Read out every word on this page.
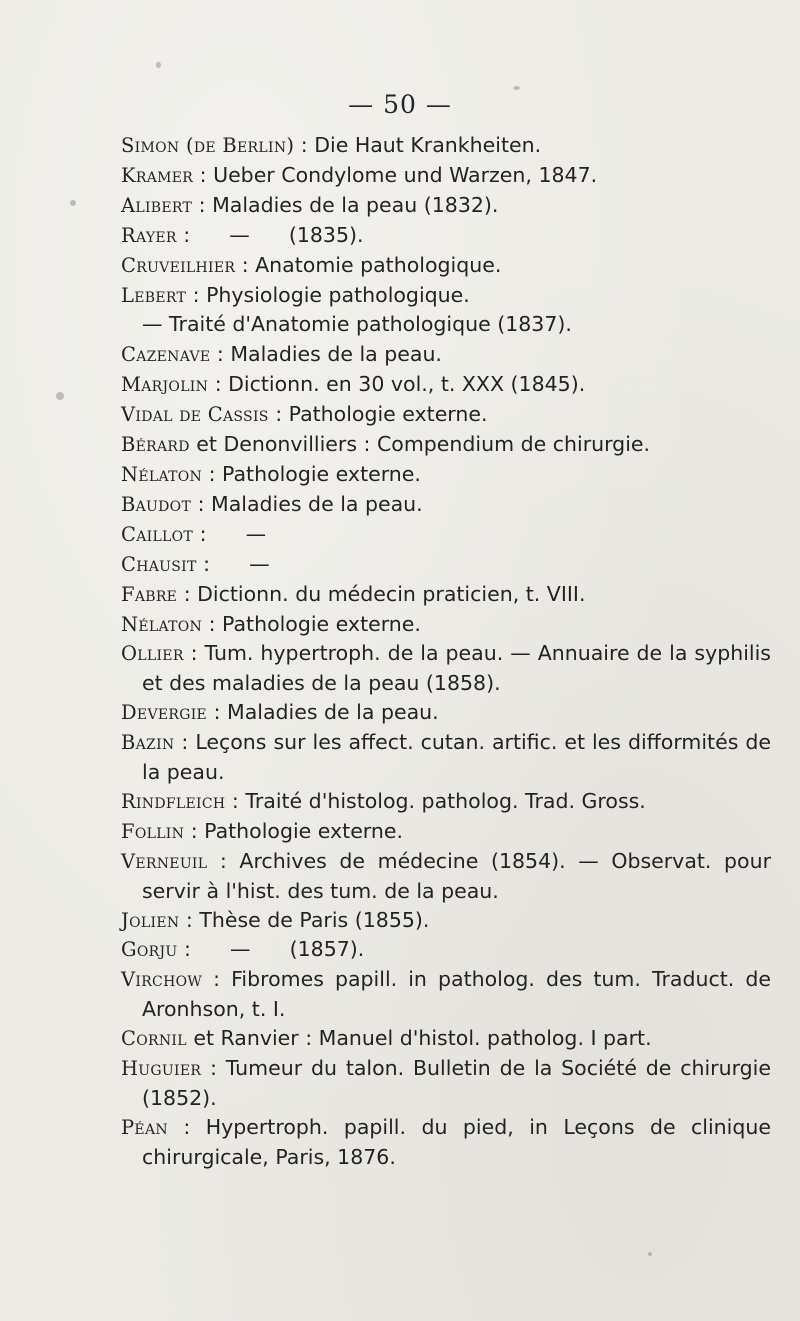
— 50 —
Simon (de Berlin) : Die Haut Krankheiten.
Kramer : Ueber Condylome und Warzen, 1847.
Alibert : Maladies de la peau (1832).
Rayer :      —      (1835).
Cruveilhier : Anatomie pathologique.
Lebert : Physiologie pathologique.
— Traité d'Anatomie pathologique (1837).
Cazenave : Maladies de la peau.
Marjolin : Dictionn. en 30 vol., t. XXX (1845).
Vidal de Cassis : Pathologie externe.
Bérard et Denonvilliers : Compendium de chirurgie.
Nélaton : Pathologie externe.
Baudot : Maladies de la peau.
Caillot :      —
Chausit :      —
Fabre : Dictionn. du médecin praticien, t. VIII.
Nélaton : Pathologie externe.
Ollier : Tum. hypertroph. de la peau. — Annuaire de la syphilis et des maladies de la peau (1858).
Devergie : Maladies de la peau.
Bazin : Leçons sur les affect. cutan. artific. et les difformités de la peau.
Rindfleich : Traité d'histolog. patholog. Trad. Gross.
Follin : Pathologie externe.
Verneuil : Archives de médecine (1854). — Observat. pour servir à l'hist. des tum. de la peau.
Jolien : Thèse de Paris (1855).
Gorju :      —      (1857).
Virchow : Fibromes papill. in patholog. des tum. Traduct. de Aronhson, t. I.
Cornil et Ranvier : Manuel d'histol. patholog. I part.
Huguier : Tumeur du talon. Bulletin de la Société de chirurgie (1852).
Péan : Hypertroph. papill. du pied, in Leçons de clinique chirurgicale, Paris, 1876.
